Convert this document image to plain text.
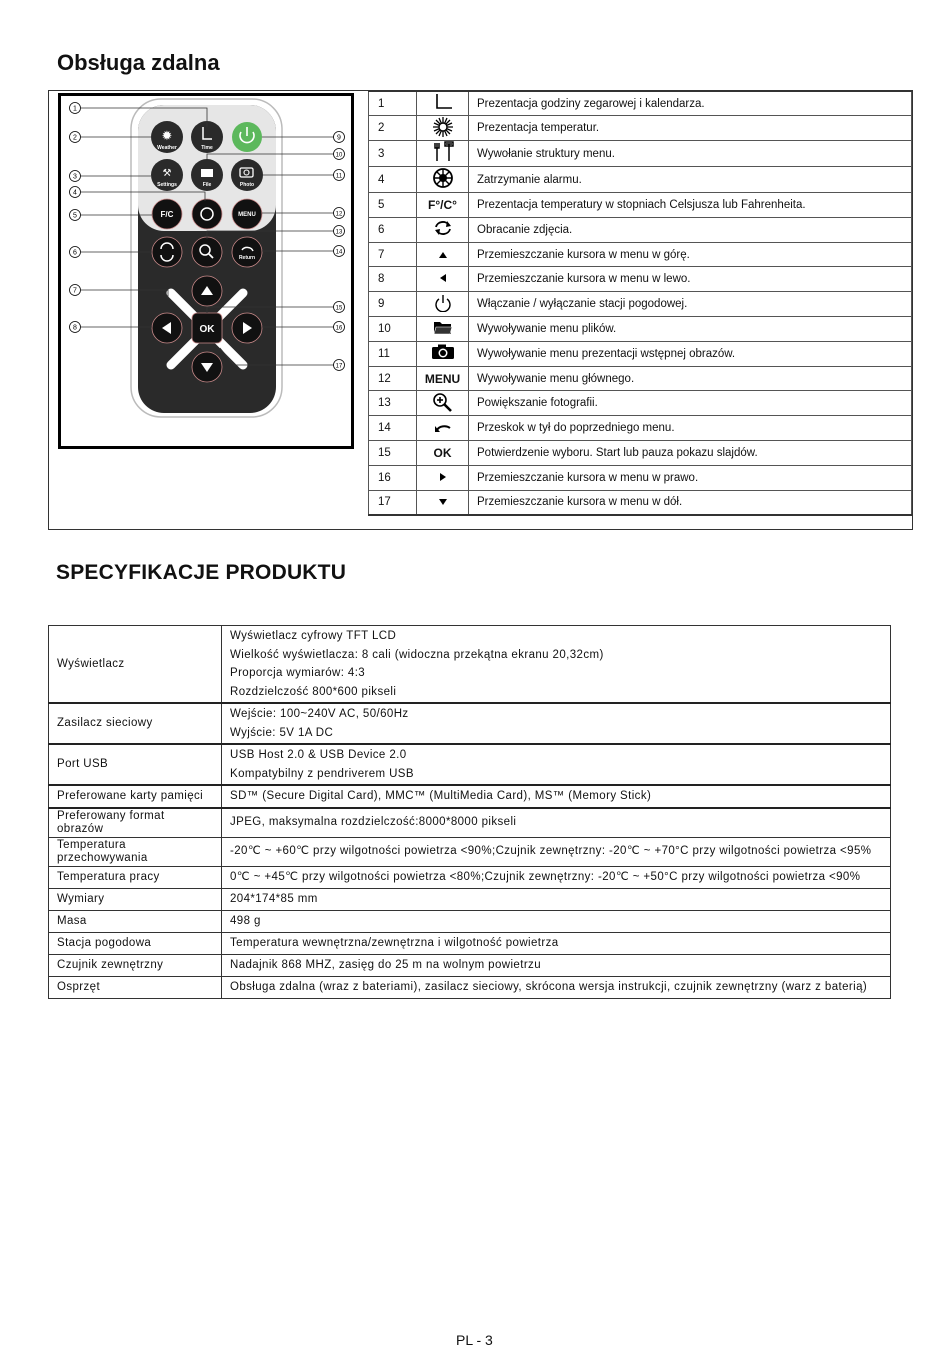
Obsługa zdalna
✹
Weather	Time
⚒
Settings	File	Photo
F/C	MENU
Return
OK
1
2
3
4
5
6
7
8
9
10
11
12
13
14
15
16
17
1		Prezentacja godziny zegarowej i kalendarza.
2		Prezentacja temperatur.
3		Wywołanie struktury menu.
4		Zatrzymanie alarmu.
5	F°/C°	Prezentacja temperatury w stopniach Celsjusza lub Fahrenheita.
6		Obracanie zdjęcia.
7		Przemieszczanie kursora w menu w górę.
8		Przemieszczanie kursora w menu w lewo.
9		Włączanie / wyłączanie stacji pogodowej.
10		Wywoływanie menu plików.
11		Wywoływanie menu prezentacji wstępnej obrazów.
12	MENU	Wywoływanie menu głównego.
13		Powiększanie fotografii.
14		Przeskok w tył do poprzedniego menu.
15	OK	Potwierdzenie wyboru. Start lub pauza pokazu slajdów.
16		Przemieszczanie kursora w menu w prawo.
17		Przemieszczanie kursora w menu w dół.
SPECYFIKACJE PRODUKTU
Wyświetlacz	Wyświetlacz cyfrowy TFT LCD
Wielkość wyświetlacza: 8 cali (widoczna przekątna ekranu 20,32cm)
Proporcja wymiarów: 4:3
Rozdzielczość 800*600 pikseli

Zasilacz sieciowy	Wejście: 100~240V AC, 50/60Hz
Wyjście: 5V 1A DC

Port USB	USB Host 2.0 & USB Device 2.0
Kompatybilny z pendriverem USB

Preferowane karty pamięci	SD™ (Secure Digital Card), MMC™ (MultiMedia Card), MS™ (Memory Stick)

Preferowany format obrazów	JPEG, maksymalna rozdzielczość:8000*8000 pikseli

Temperatura przechowywania	-20℃ ~ +60℃ przy wilgotności powietrza <90%;Czujnik zewnętrzny: -20℃ ~ +70°C przy wilgotności powietrza <95%

Temperatura pracy	0℃ ~ +45℃ przy wilgotności powietrza <80%;Czujnik zewnętrzny: -20℃ ~ +50°C przy wilgotności powietrza <90%

Wymiary	204*174*85 mm

Masa	498 g

Stacja pogodowa	Temperatura wewnętrzna/zewnętrzna i wilgotność powietrza

Czujnik zewnętrzny	Nadajnik 868 MHZ, zasięg do 25 m na wolnym powietrzu

Osprzęt	Obsługa zdalna (wraz z bateriami), zasilacz sieciowy, skrócona wersja instrukcji, czujnik zewnętrzny (warz z baterią)
PL - 3
